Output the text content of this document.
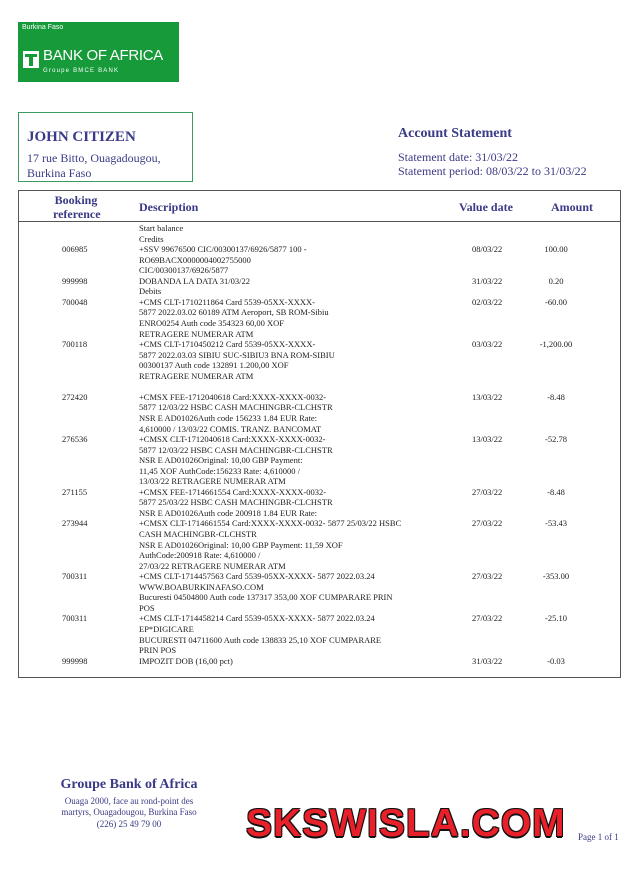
Burkina Faso
BANK OF AFRICA
Groupe BMCE BANK
JOHN CITIZEN
17 rue Bitto, Ouagadougou,
Burkina Faso
Account Statement
Statement date: 31/03/22
Statement period: 08/03/22 to 31/03/22
Booking
reference	Description	Value date	Amount
Start balance
Credits
006985	+SSV 99676500 CIC/00300137/6926/5877 100 -	08/03/22	100.00
RO69BACX0000004002755000
CIC/00300137/6926/5877
999998	DOBANDA LA DATA 31/03/22	31/03/22	0.20
Debits
700048	+CMS CLT-1710211864 Card 5539-05XX-XXXX-	02/03/22	-60.00
5877 2022.03.02 60189 ATM Aeroport, SB ROM-Sibiu
ENRO0254 Auth code 354323 60,00 XOF
RETRAGERE NUMERAR ATM
700118	+CMS CLT-1710450212 Card 5539-05XX-XXXX-	03/03/22	-1,200.00
5877 2022.03.03 SIBIU SUC-SIBIU3 BNA ROM-SIBIU
00300137 Auth code 132891 1.200,00 XOF
RETRAGERE NUMERAR ATM
272420	+CMSX FEE-1712040618 Card:XXXX-XXXX-0032-	13/03/22	-8.48
5877 12/03/22 HSBC CASH MACHINGBR-CLCHSTR
NSR E AD01026Auth code 156233 1.84 EUR Rate:
4,610000 / 13/03/22 COMIS. TRANZ. BANCOMAT
276536	+CMSX CLT-1712040618 Card:XXXX-XXXX-0032-	13/03/22	-52.78
5877 12/03/22 HSBC CASH MACHINGBR-CLCHSTR
NSR E AD01026Original: 10,00 GBP Payment:
11,45 XOF AuthCode:156233 Rate: 4,610000 /
13/03/22 RETRAGERE NUMERAR ATM
271155	+CMSX FEE-1714661554 Card:XXXX-XXXX-0032-	27/03/22	-8.48
5877 25/03/22 HSBC CASH MACHINGBR-CLCHSTR
NSR E AD01026Auth code 200918 1.84 EUR Rate:
273944	+CMSX CLT-1714661554 Card:XXXX-XXXX-0032- 5877 25/03/22 HSBC	27/03/22	-53.43
CASH MACHINGBR-CLCHSTR
NSR E AD01026Original: 10,00 GBP Payment: 11,59 XOF
AuthCode:200918 Rate: 4,610000 /
27/03/22 RETRAGERE NUMERAR ATM
700311	+CMS CLT-1714457563 Card 5539-05XX-XXXX- 5877 2022.03.24	27/03/22	-353.00
WWW.BOABURKINAFASO.COM
Bucuresti 04504800 Auth code 137317 353,00 XOF CUMPARARE PRIN
POS
700311	+CMS CLT-1714458214 Card 5539-05XX-XXXX- 5877 2022.03.24	27/03/22	-25.10
EP*DIGICARE
BUCURESTI 04711600 Auth code 138833 25,10 XOF CUMPARARE
PRIN POS
999998	IMPOZIT DOB (16,00 pct)	31/03/22	-0.03
Groupe Bank of Africa
Ouaga 2000, face au rond-point des
martyrs, Ouagadougou, Burkina Faso
(226) 25 49 79 00	SKSWISLA.COM Page 1 of 1
